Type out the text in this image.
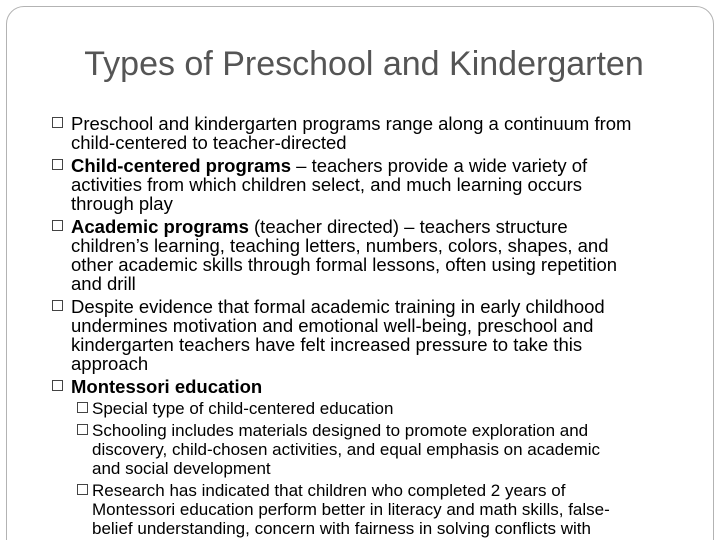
Types of Preschool and Kindergarten
Preschool and kindergarten programs range along a continuum from
child-centered to teacher-directed
Child-centered programs – teachers provide a wide variety of
activities from which children select, and much learning occurs
through play
Academic programs (teacher directed) – teachers structure
children’s learning, teaching letters, numbers, colors, shapes, and
other academic skills through formal lessons, often using repetition
and drill
Despite evidence that formal academic training in early childhood
undermines motivation and emotional well-being, preschool and
kindergarten teachers have felt increased pressure to take this
approach
Montessori education
Special type of child-centered education
Schooling includes materials designed to promote exploration and
discovery, child-chosen activities, and equal emphasis on academic
and social development
Research has indicated that children who completed 2 years of
Montessori education perform better in literacy and math skills, false-
belief understanding, concern with fairness in solving conflicts with
